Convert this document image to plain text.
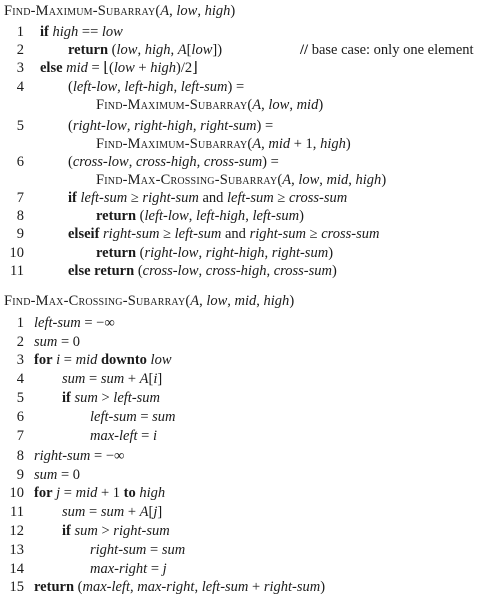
Find-Maximum-Subarray(A, low, high)
1 if high == low
2	return (low, high, A[low])	// base case: only one element
3 else mid = ⌊(low + high)/2⌋
4	(left-low, left-high, left-sum) =
Find-Maximum-Subarray(A, low, mid)
5	(right-low, right-high, right-sum) =
Find-Maximum-Subarray(A, mid + 1, high)
6	(cross-low, cross-high, cross-sum) =
Find-Max-Crossing-Subarray(A, low, mid, high)
7	if left-sum ≥ right-sum and left-sum ≥ cross-sum
8	return (left-low, left-high, left-sum)
9	elseif right-sum ≥ left-sum and right-sum ≥ cross-sum
10	return (right-low, right-high, right-sum)
11	else return (cross-low, cross-high, cross-sum)
Find-Max-Crossing-Subarray(A, low, mid, high)
1 left-sum = −∞
2 sum = 0
3 for i = mid downto low
4	sum = sum + A[i]
5	if sum > left-sum
6	left-sum = sum
7	max-left = i
8 right-sum = −∞
9 sum = 0
10 for j = mid + 1 to high
11	sum = sum + A[j]
12	if sum > right-sum
13	right-sum = sum
14	max-right = j
15 return (max-left, max-right, left-sum + right-sum)
